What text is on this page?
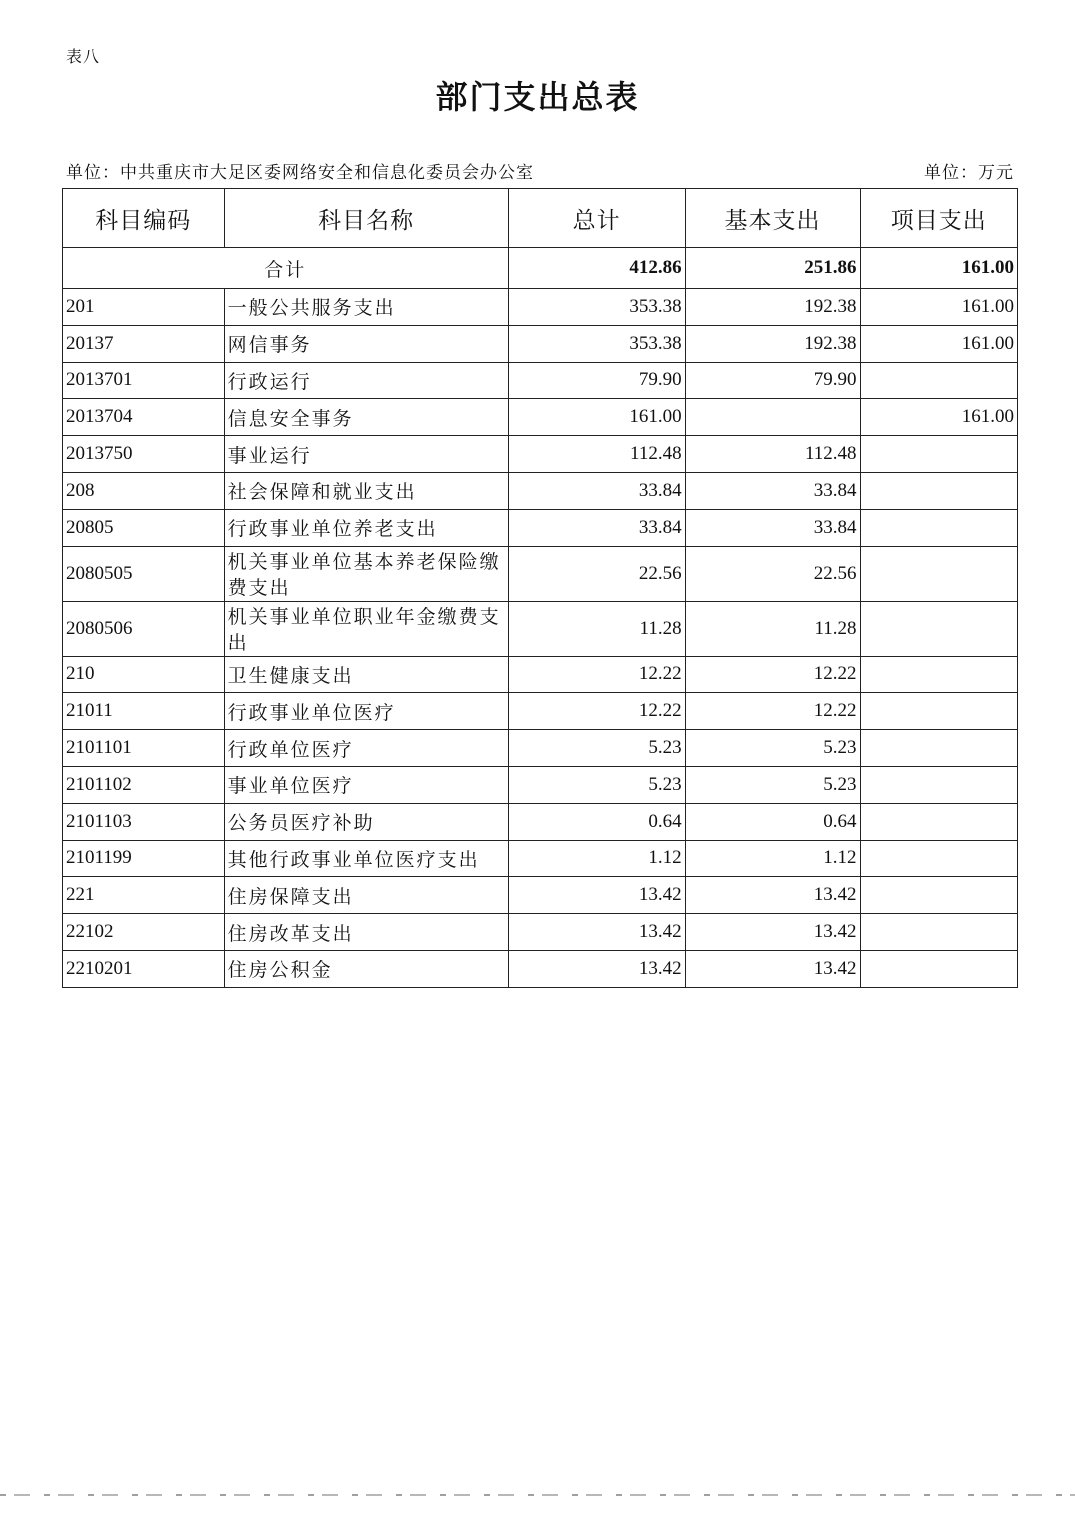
表八
部门支出总表
单位：中共重庆市大足区委网络安全和信息化委员会办公室	单位：万元
科目编码	科目名称	总计	基本支出	项目支出
合计		412.86	251.86	161.00
201	一般公共服务支出	353.38	192.38	161.00
20137	网信事务	353.38	192.38	161.00
2013701	行政运行	79.90	79.90	
2013704	信息安全事务	161.00		161.00
2013750	事业运行	112.48	112.48	
208	社会保障和就业支出	33.84	33.84	
20805	行政事业单位养老支出	33.84	33.84	
2080505	机关事业单位基本养老保险缴费支出	22.56	22.56	
2080506	机关事业单位职业年金缴费支出	11.28	11.28	
210	卫生健康支出	12.22	12.22	
21011	行政事业单位医疗	12.22	12.22	
2101101	行政单位医疗	5.23	5.23	
2101102	事业单位医疗	5.23	5.23	
2101103	公务员医疗补助	0.64	0.64	
2101199	其他行政事业单位医疗支出	1.12	1.12	
221	住房保障支出	13.42	13.42	
22102	住房改革支出	13.42	13.42	
2210201	住房公积金	13.42	13.42	
